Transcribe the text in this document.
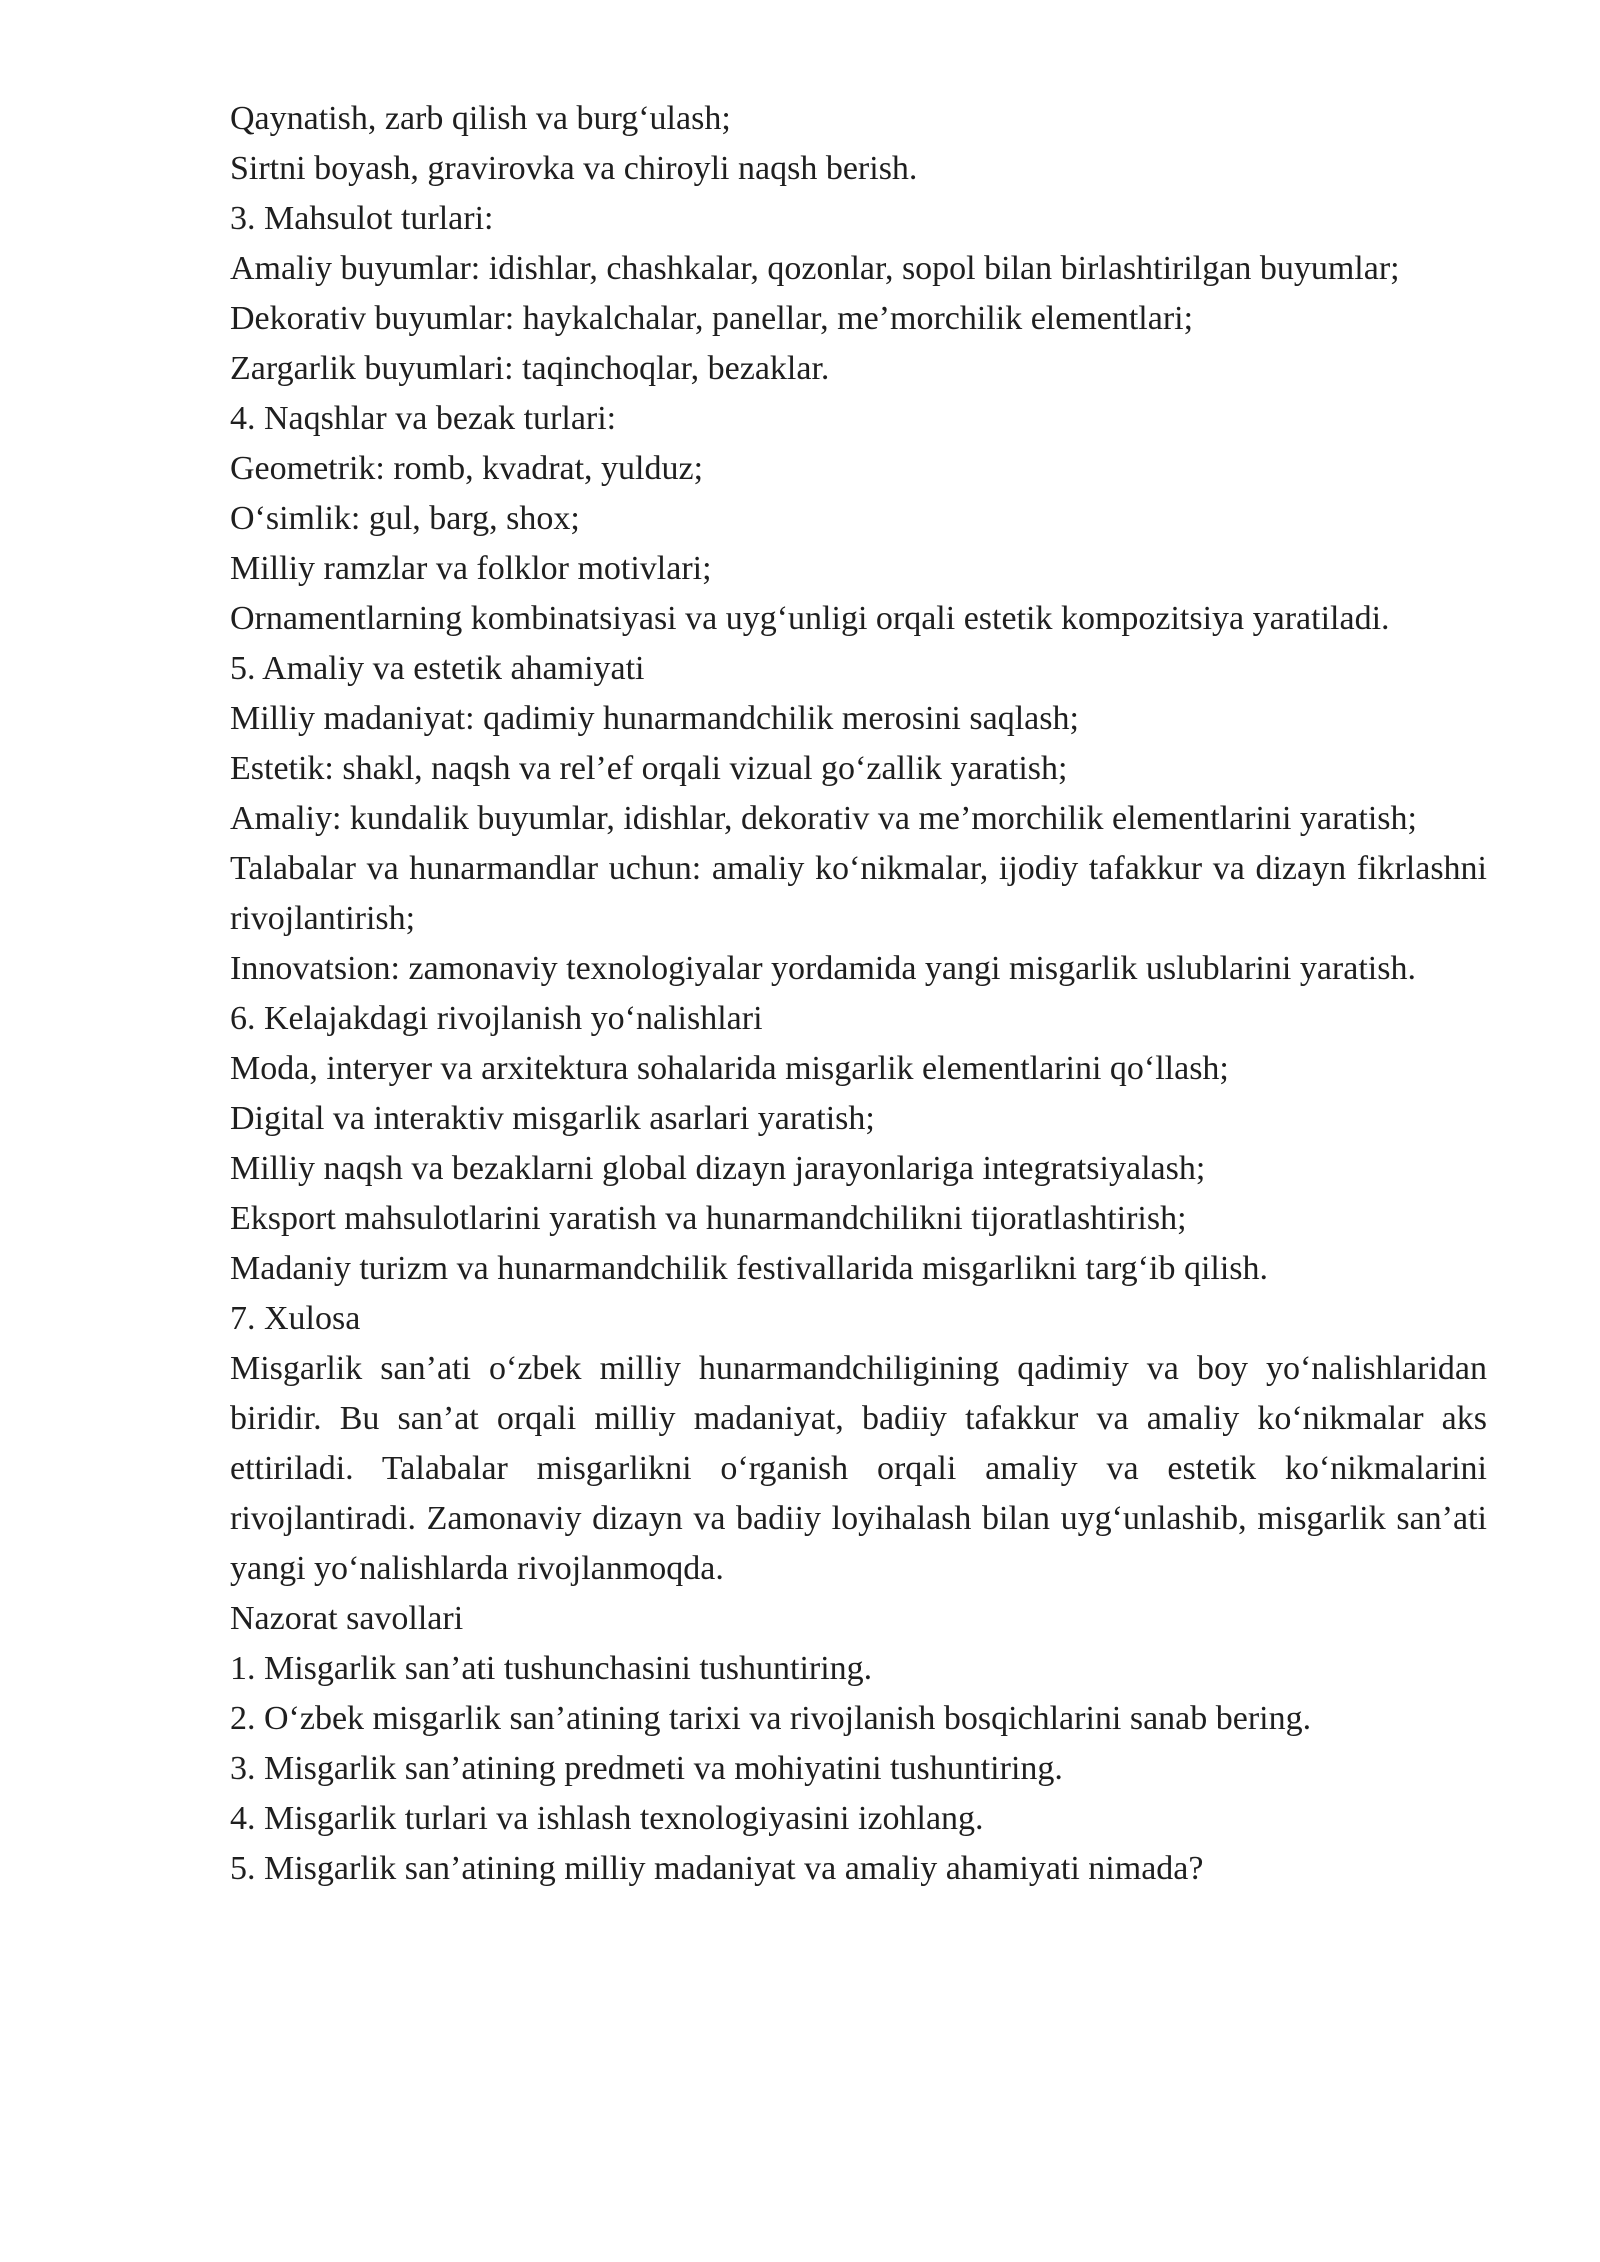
Qaynatish, zarb qilish va burg‘ulash;

Sirtni boyash, gravirovka va chiroyli naqsh berish.

3. Mahsulot turlari:

Amaliy buyumlar: idishlar, chashkalar, qozonlar, sopol bilan birlashtirilgan buyumlar;

Dekorativ buyumlar: haykalchalar, panellar, me’morchilik elementlari;

Zargarlik buyumlari: taqinchoqlar, bezaklar.

4. Naqshlar va bezak turlari:

Geometrik: romb, kvadrat, yulduz;

O‘simlik: gul, barg, shox;

Milliy ramzlar va folklor motivlari;

Ornamentlarning kombinatsiyasi va uyg‘unligi orqali estetik kompozitsiya yaratiladi.

5. Amaliy va estetik ahamiyati

Milliy madaniyat: qadimiy hunarmandchilik merosini saqlash;

Estetik: shakl, naqsh va rel’ef orqali vizual go‘zallik yaratish;

Amaliy: kundalik buyumlar, idishlar, dekorativ va me’morchilik elementlarini yaratish;

Talabalar va hunarmandlar uchun: amaliy ko‘nikmalar, ijodiy tafakkur va dizayn fikrlashni rivojlantirish;

Innovatsion: zamonaviy texnologiyalar yordamida yangi misgarlik uslublarini yaratish.

6. Kelajakdagi rivojlanish yo‘nalishlari

Moda, interyer va arxitektura sohalarida misgarlik elementlarini qo‘llash;

Digital va interaktiv misgarlik asarlari yaratish;

Milliy naqsh va bezaklarni global dizayn jarayonlariga integratsiyalash;

Eksport mahsulotlarini yaratish va hunarmandchilikni tijoratlashtirish;

Madaniy turizm va hunarmandchilik festivallarida misgarlikni targ‘ib qilish.

7. Xulosa

Misgarlik san’ati o‘zbek milliy hunarmandchiligining qadimiy va boy yo‘nalishlaridan biridir. Bu san’at orqali milliy madaniyat, badiiy tafakkur va amaliy ko‘nikmalar aks ettiriladi. Talabalar misgarlikni o‘rganish orqali amaliy va estetik ko‘nikmalarini rivojlantiradi. Zamonaviy dizayn va badiiy loyihalash bilan uyg‘unlashib, misgarlik san’ati yangi yo‘nalishlarda rivojlanmoqda.

Nazorat savollari

1. Misgarlik san’ati tushunchasini tushuntiring.

2. O‘zbek misgarlik san’atining tarixi va rivojlanish bosqichlarini sanab bering.

3. Misgarlik san’atining predmeti va mohiyatini tushuntiring.

4. Misgarlik turlari va ishlash texnologiyasini izohlang.

5. Misgarlik san’atining milliy madaniyat va amaliy ahamiyati nimada?
